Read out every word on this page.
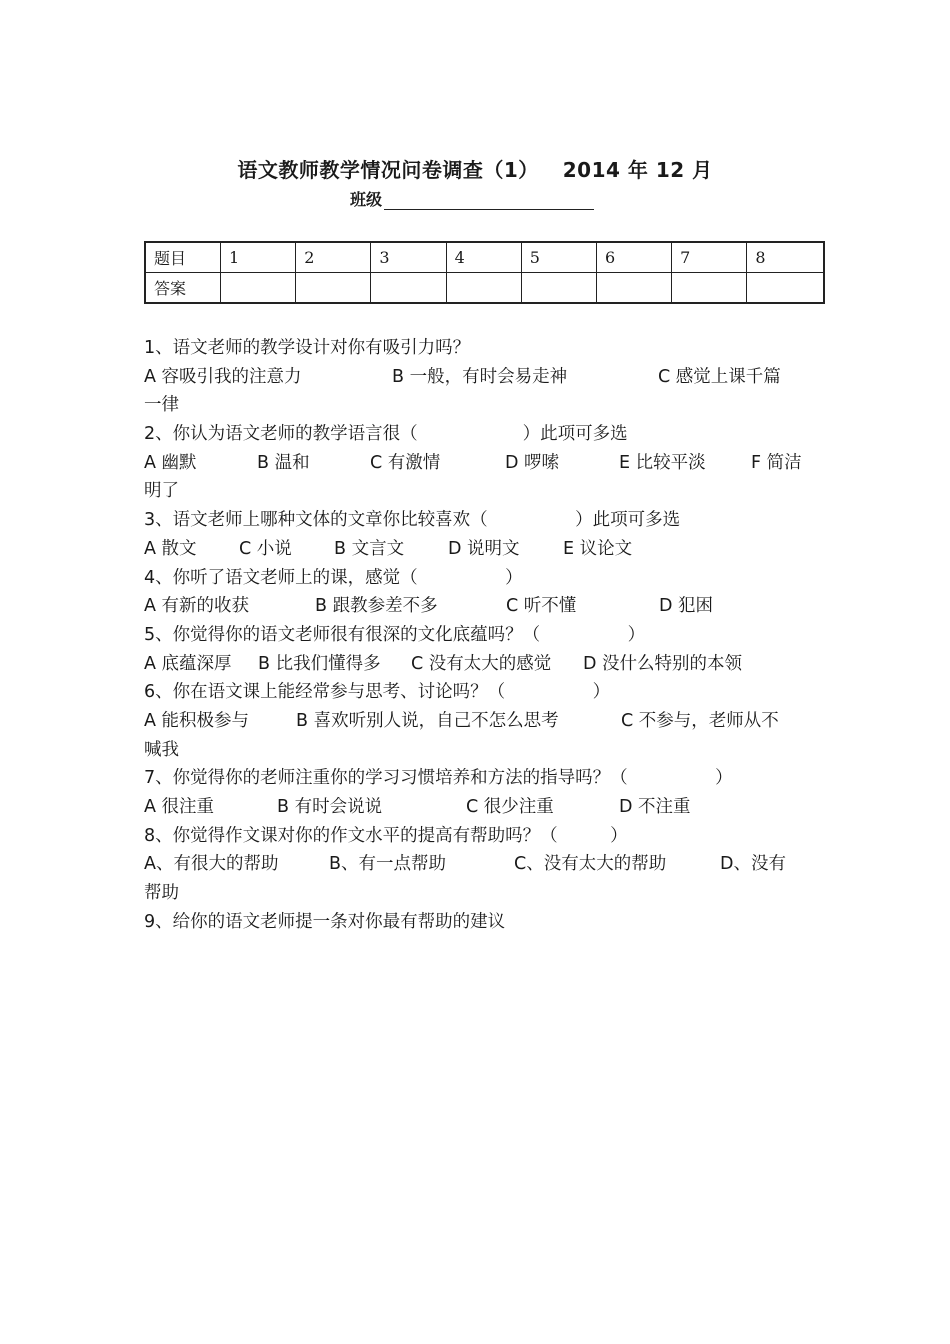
语文教师教学情况问卷调查（1） 2014 年 12 月
班级
题目	1	2	3	4	5	6	7	8
答案								
1、语文老师的教学设计对你有吸引力吗？
A 容吸引我的注意力	B 一般，有时会易走神	C 感觉上课千篇
一律
2、你认为语文老师的教学语言很（　　　　　　）此项可多选
A 幽默	B 温和	C 有激情	D 啰嗦	E 比较平淡	F 简洁
明了
3、语文老师上哪种文体的文章你比较喜欢（　　　　　）此项可多选
A 散文 C 小说 B 文言文	D 说明文 E 议论文
4、你听了语文老师上的课，感觉（　　　　　）
A 有新的收获	B 跟教参差不多	C 听不懂	D 犯困
5、你觉得你的语文老师很有很深的文化底蕴吗？（　　　　　）
A 底蕴深厚 B 比我们懂得多 C 没有太大的感觉 D 没什么特别的本领
6、你在语文课上能经常参与思考、讨论吗？（　　　　　）
A 能积极参与	B 喜欢听别人说，自己不怎么思考	C 不参与，老师从不
喊我
7、你觉得你的老师注重你的学习习惯培养和方法的指导吗？（　　　　　）
A 很注重	B 有时会说说	C 很少注重	D 不注重
8、你觉得作文课对你的作文水平的提高有帮助吗？（　　　）
A、有很大的帮助	B、有一点帮助	C、没有太大的帮助	D、没有
帮助
9、给你的语文老师提一条对你最有帮助的建议
